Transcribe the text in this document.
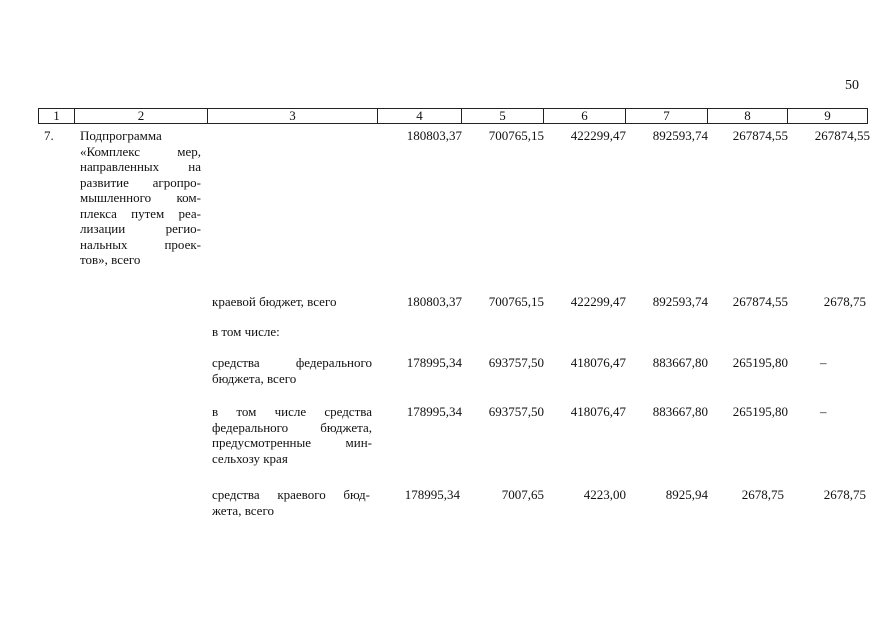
50
1	2	3	4	5	6	7	8	9
7. Подпрограмма
«Комплекс мер,
направленных на
развитие агропро-
мышленного ком-
плекса путем реа-
лизации регио-
нальных проек-
тов», всего
180803,37	700765,15	422299,47	892593,74	267874,55	267874,55
краевой бюджет, всего	180803,37	700765,15	422299,47	892593,74	267874,55	2678,75
в том числе:
средства федерального
бюджета, всего
178995,34	693757,50	418076,47	883667,80	265195,80 –
в том числе средства
федерального бюджета,
предусмотренные мин-
сельхозу края
178995,34	693757,50	418076,47	883667,80	265195,80 –
средства краевого бюд-
жета, всего
178995,34	7007,65	4223,00	8925,94	2678,75	2678,75
